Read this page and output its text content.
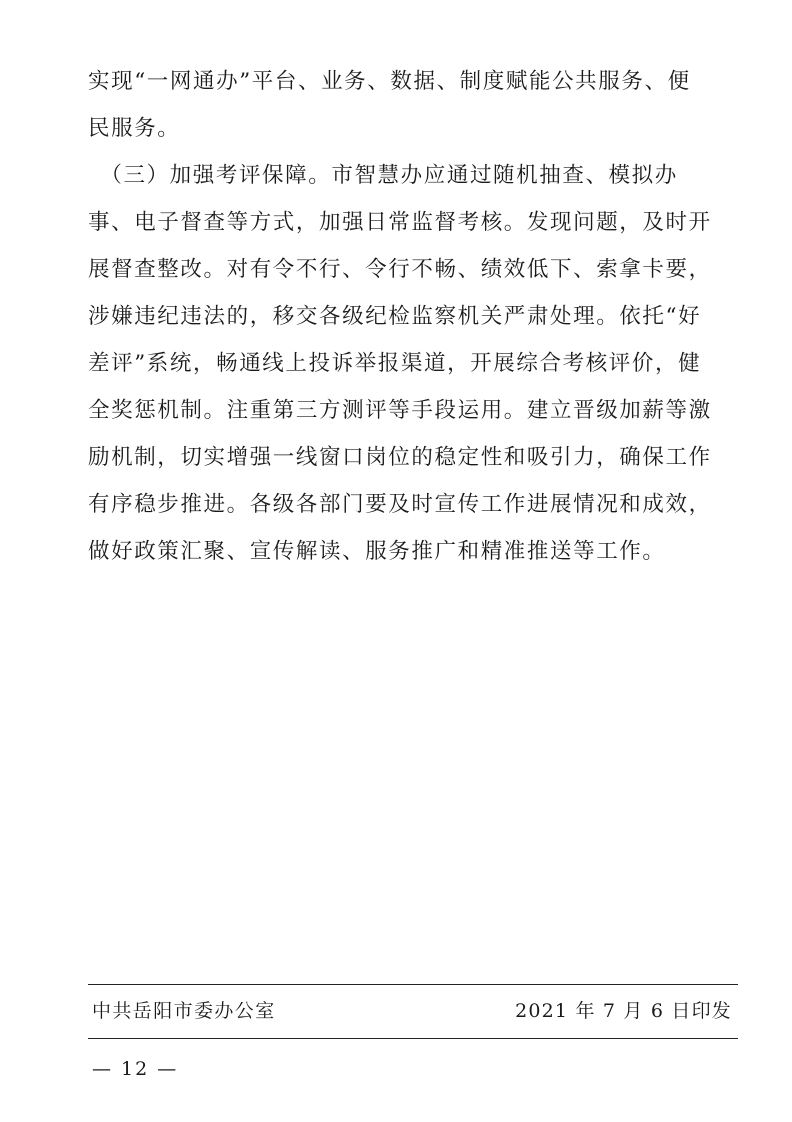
实现“一网通办”平台、业务、数据、制度赋能公共服务、便
民服务。
　（三）加强考评保障。市智慧办应通过随机抽查、模拟办
事、电子督查等方式，加强日常监督考核。发现问题，及时开
展督查整改。对有令不行、令行不畅、绩效低下、索拿卡要，
涉嫌违纪违法的，移交各级纪检监察机关严肃处理。依托“好
差评”系统，畅通线上投诉举报渠道，开展综合考核评价，健
全奖惩机制。注重第三方测评等手段运用。建立晋级加薪等激
励机制，切实增强一线窗口岗位的稳定性和吸引力，确保工作
有序稳步推进。各级各部门要及时宣传工作进展情况和成效，
做好政策汇聚、宣传解读、服务推广和精准推送等工作。
中共岳阳市委办公室	2021 年 7 月 6 日印发
— 12 —
